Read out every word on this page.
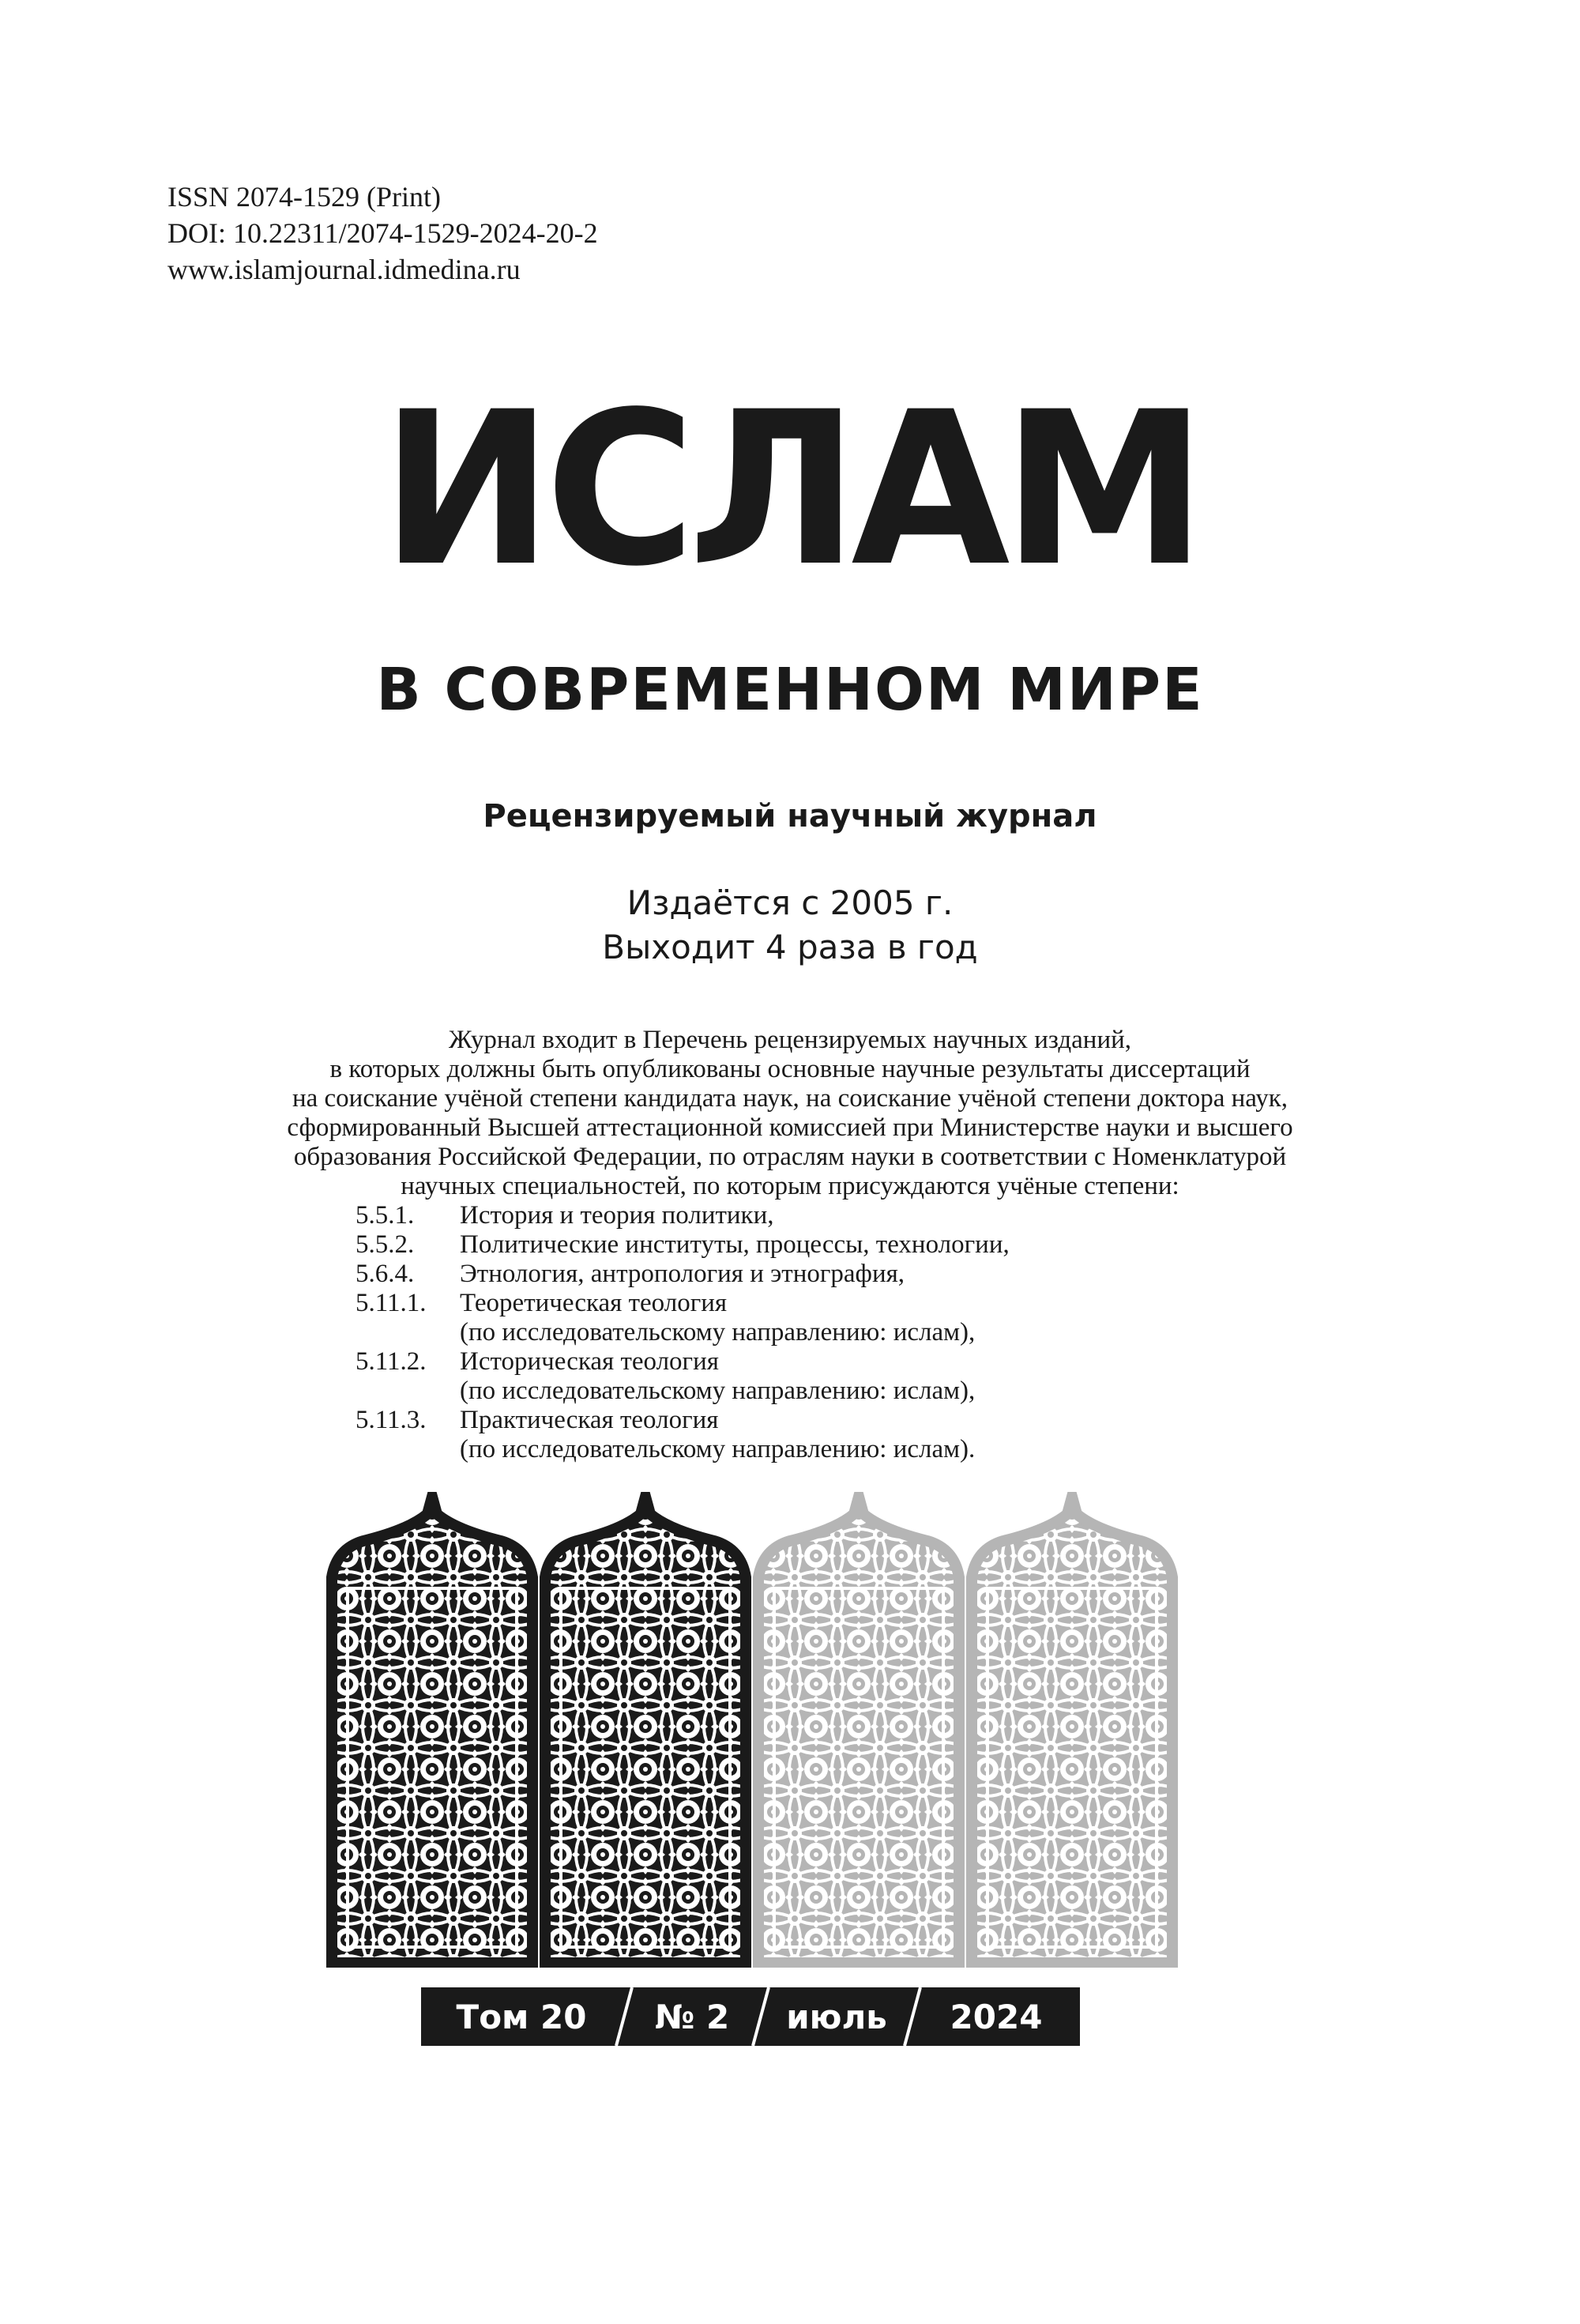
ISSN 2074-1529 (Print)
DOI: 10.22311/2074-1529-2024-20-2
www.islamjournal.idmedina.ru
ИСЛАМ
В СОВРЕМЕННОМ МИРЕ
Рецензируемый научный журнал
Издаётся с 2005 г.
Выходит 4 раза в год
Журнал входит в Перечень рецензируемых научных изданий,
в которых должны быть опубликованы основные научные результаты диссертаций
на соискание учёной степени кандидата наук, на соискание учёной степени доктора наук,
сформированный Высшей аттестационной комиссией при Министерстве науки и высшего
образования Российской Федерации, по отраслям науки в соответствии с Номенклатурой
научных специальностей, по которым присуждаются учёные степени:
5.5.1.	История и теория политики,
5.5.2.	Политические институты, процессы, технологии,
5.6.4.	Этнология, антропология и этнография,
5.11.1.	Теоретическая теология
(по исследовательскому направлению: ислам),
5.11.2.	Историческая теология
(по исследовательскому направлению: ислам),
5.11.3.	Практическая теология
(по исследовательскому направлению: ислам).
Том 20 № 2 июль 2024
